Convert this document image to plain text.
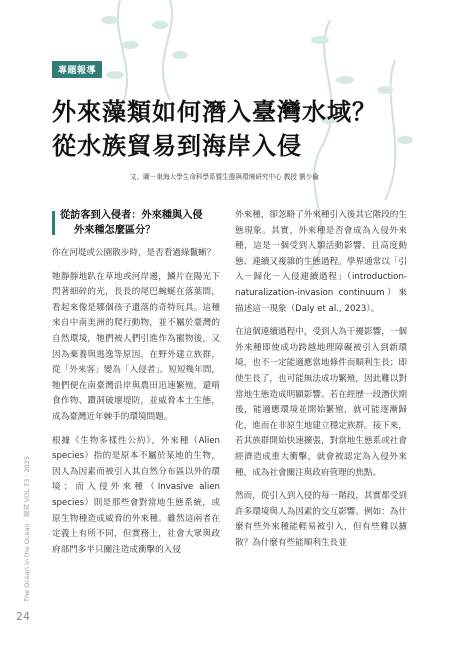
專題報導
外來藻類如何潛入臺灣水域？
從水族貿易到海岸入侵
文、圖－東海大學生命科學系暨生態與環境研究中心 教授 劉少倫
從訪客到入侵者：外來種與入侵
外來種怎麼區分？

你在河堤或公園散步時，是否看過綠鬣蜥？

牠靜靜地趴在草地或河岸邊，鱗片在陽光下閃著細碎的光，長長的尾巴蜿蜒在落葉間，看起來像是哪個孩子遺落的奇特玩具。這種來自中南美洲的爬行動物，並不屬於臺灣的自然環境，牠們被人們引進作為寵物後，又因為棄養與逃逸等原因，在野外建立族群，從「外來客」變為「入侵者」。短短幾年間，牠們便在南臺灣沿岸與農田迅速繁殖，還啃食作物、鑽洞破壞堤防，並威脅本土生態，成為臺灣近年棘手的環境問題。

根據《生物多樣性公約》，外來種（Alien species）指的是原本不屬於某地的生物，因人為因素而被引入其自然分布區以外的環境；而入侵外來種（Invasive alien species）則是那些會對當地生態系統，或原生物種造成威脅的外來種。雖然這兩者在定義上有所不同，但實務上，社會大眾與政府部門多半只關注造成衝擊的入侵

外來種，卻忽略了外來種引入後其它階段的生態現象。其實，外來種是否會成為入侵外來種，這是一個受到人類活動影響、且高度動態、連續又複雜的生態過程。學界通常以「引入－歸化－入侵連續過程」（introduction-naturalization-invasion continuum）來描述這一現象（Daly et al., 2023）。

在這個連續過程中，受到人為干擾影響，一個外來種即使成功跨越地理障礙被引入到新環境，也不一定能適應當地條件而順利生長；即使生長了，也可能無法成功繁殖，因此難以對當地生態造成明顯影響。若在經歷一段潛伏期後，能適應環境並開始繁殖，就可能逐漸歸化，進而在非原生地建立穩定族群。接下來，若其族群開始快速擴張，對當地生態系或社會經濟造成重大衝擊，就會被認定為入侵外來種，成為社會關注與政府管理的焦點。

然而，從引入到入侵的每一階段，其實都受到許多環境與人為因素的交互影響。例如：為什麼有些外來種能輕易被引入，但有些難以擴散？為什麼有些能順利生長並

The Ocean in the Ocean · 國海 VOL.73 · 2025
24
